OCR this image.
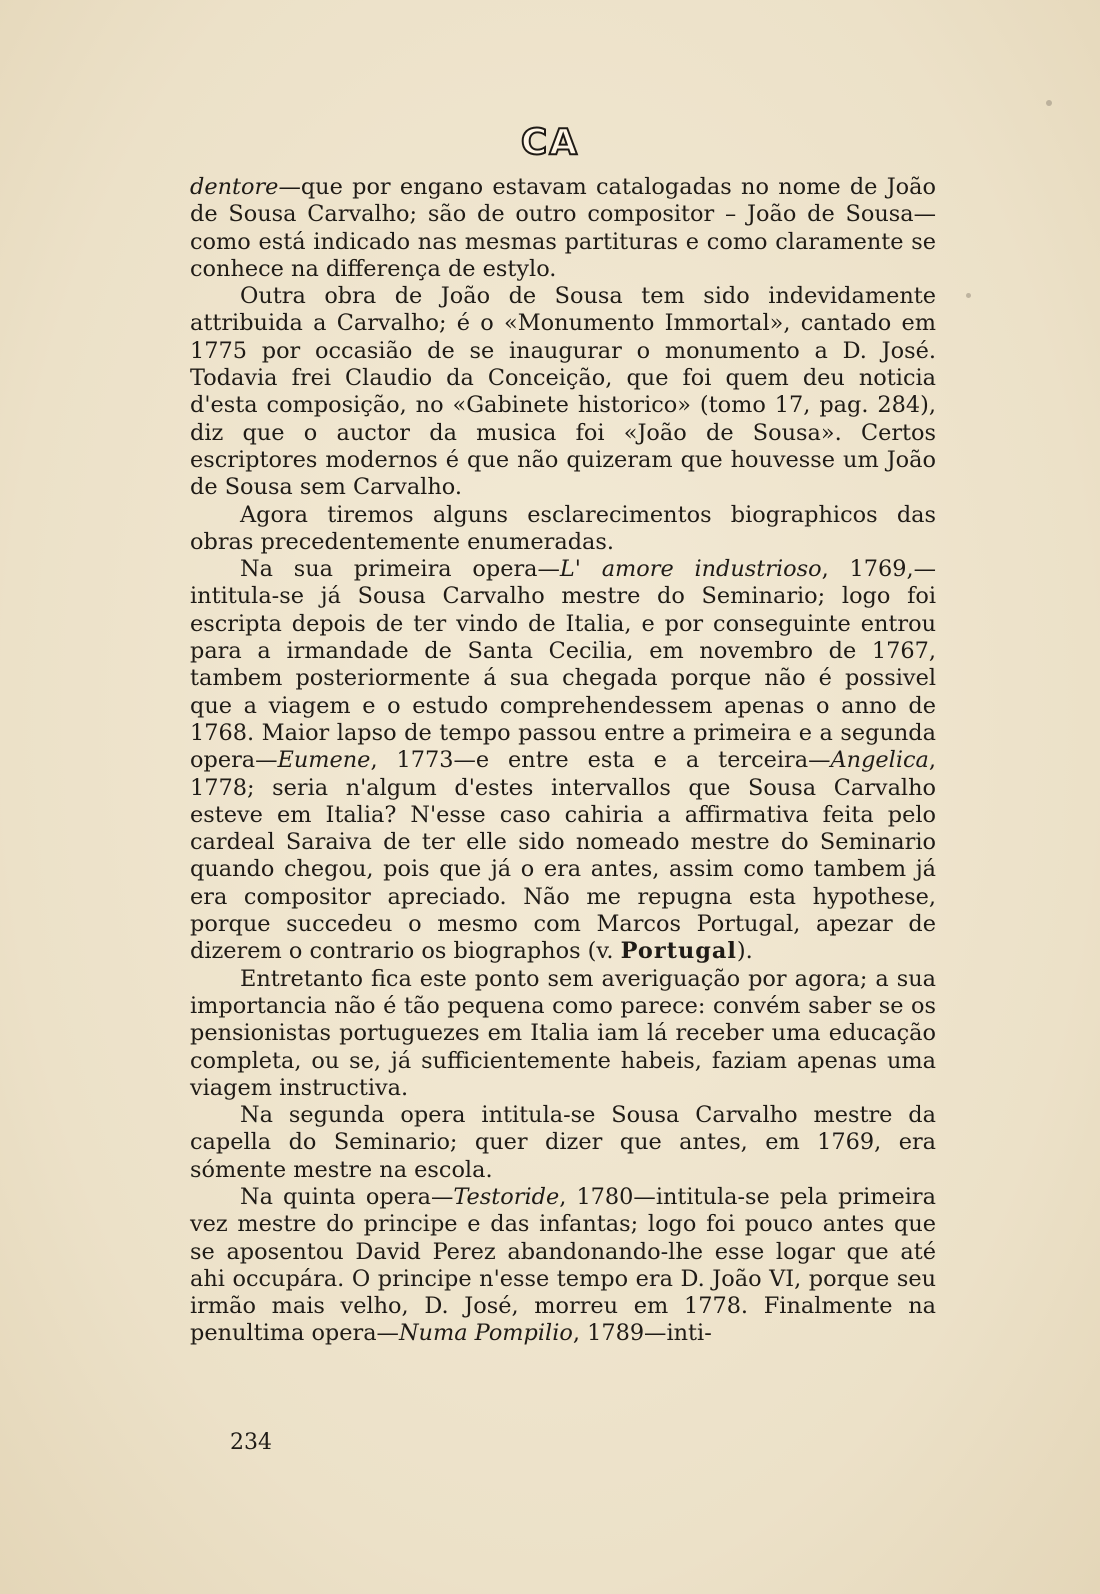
CA

dentore—que por engano estavam catalogadas no nome de João de Sousa Carvalho; são de outro compositor – João de Sousa—como está indicado nas mesmas partituras e como claramente se conhece na differença de estylo.

Outra obra de João de Sousa tem sido indevidamente attribuida a Carvalho; é o «Monumento Immortal», cantado em 1775 por occasião de se inaugurar o monumento a D. José. Todavia frei Claudio da Conceição, que foi quem deu noticia d'esta composição, no «Gabinete historico» (tomo 17, pag. 284), diz que o auctor da musica foi «João de Sousa». Certos escriptores modernos é que não quizeram que houvesse um João de Sousa sem Carvalho.

Agora tiremos alguns esclarecimentos biographicos das obras precedentemente enumeradas.

Na sua primeira opera—L' amore industrioso, 1769,—intitula-se já Sousa Carvalho mestre do Seminario; logo foi escripta depois de ter vindo de Italia, e por conseguinte entrou para a irmandade de Santa Cecilia, em novembro de 1767, tambem posteriormente á sua chegada porque não é possivel que a viagem e o estudo comprehendessem apenas o anno de 1768. Maior lapso de tempo passou entre a primeira e a segunda opera—Eumene, 1773—e entre esta e a terceira—Angelica, 1778; seria n'algum d'estes intervallos que Sousa Carvalho esteve em Italia? N'esse caso cahiria a affirmativa feita pelo cardeal Saraiva de ter elle sido nomeado mestre do Seminario quando chegou, pois que já o era antes, assim como tambem já era compositor apreciado. Não me repugna esta hypothese, porque succedeu o mesmo com Marcos Portugal, apezar de dizerem o contrario os biographos (v. Portugal).

Entretanto fica este ponto sem averiguação por agora; a sua importancia não é tão pequena como parece: convém saber se os pensionistas portuguezes em Italia iam lá receber uma educação completa, ou se, já sufficientemente habeis, faziam apenas uma viagem instructiva.

Na segunda opera intitula-se Sousa Carvalho mestre da capella do Seminario; quer dizer que antes, em 1769, era sómente mestre na escola.

Na quinta opera—Testoride, 1780—intitula-se pela primeira vez mestre do principe e das infantas; logo foi pouco antes que se aposentou David Perez abandonando-lhe esse logar que até ahi occupára. O principe n'esse tempo era D. João VI, porque seu irmão mais velho, D. José, morreu em 1778. Finalmente na penultima opera—Numa Pompilio, 1789—inti-

234
